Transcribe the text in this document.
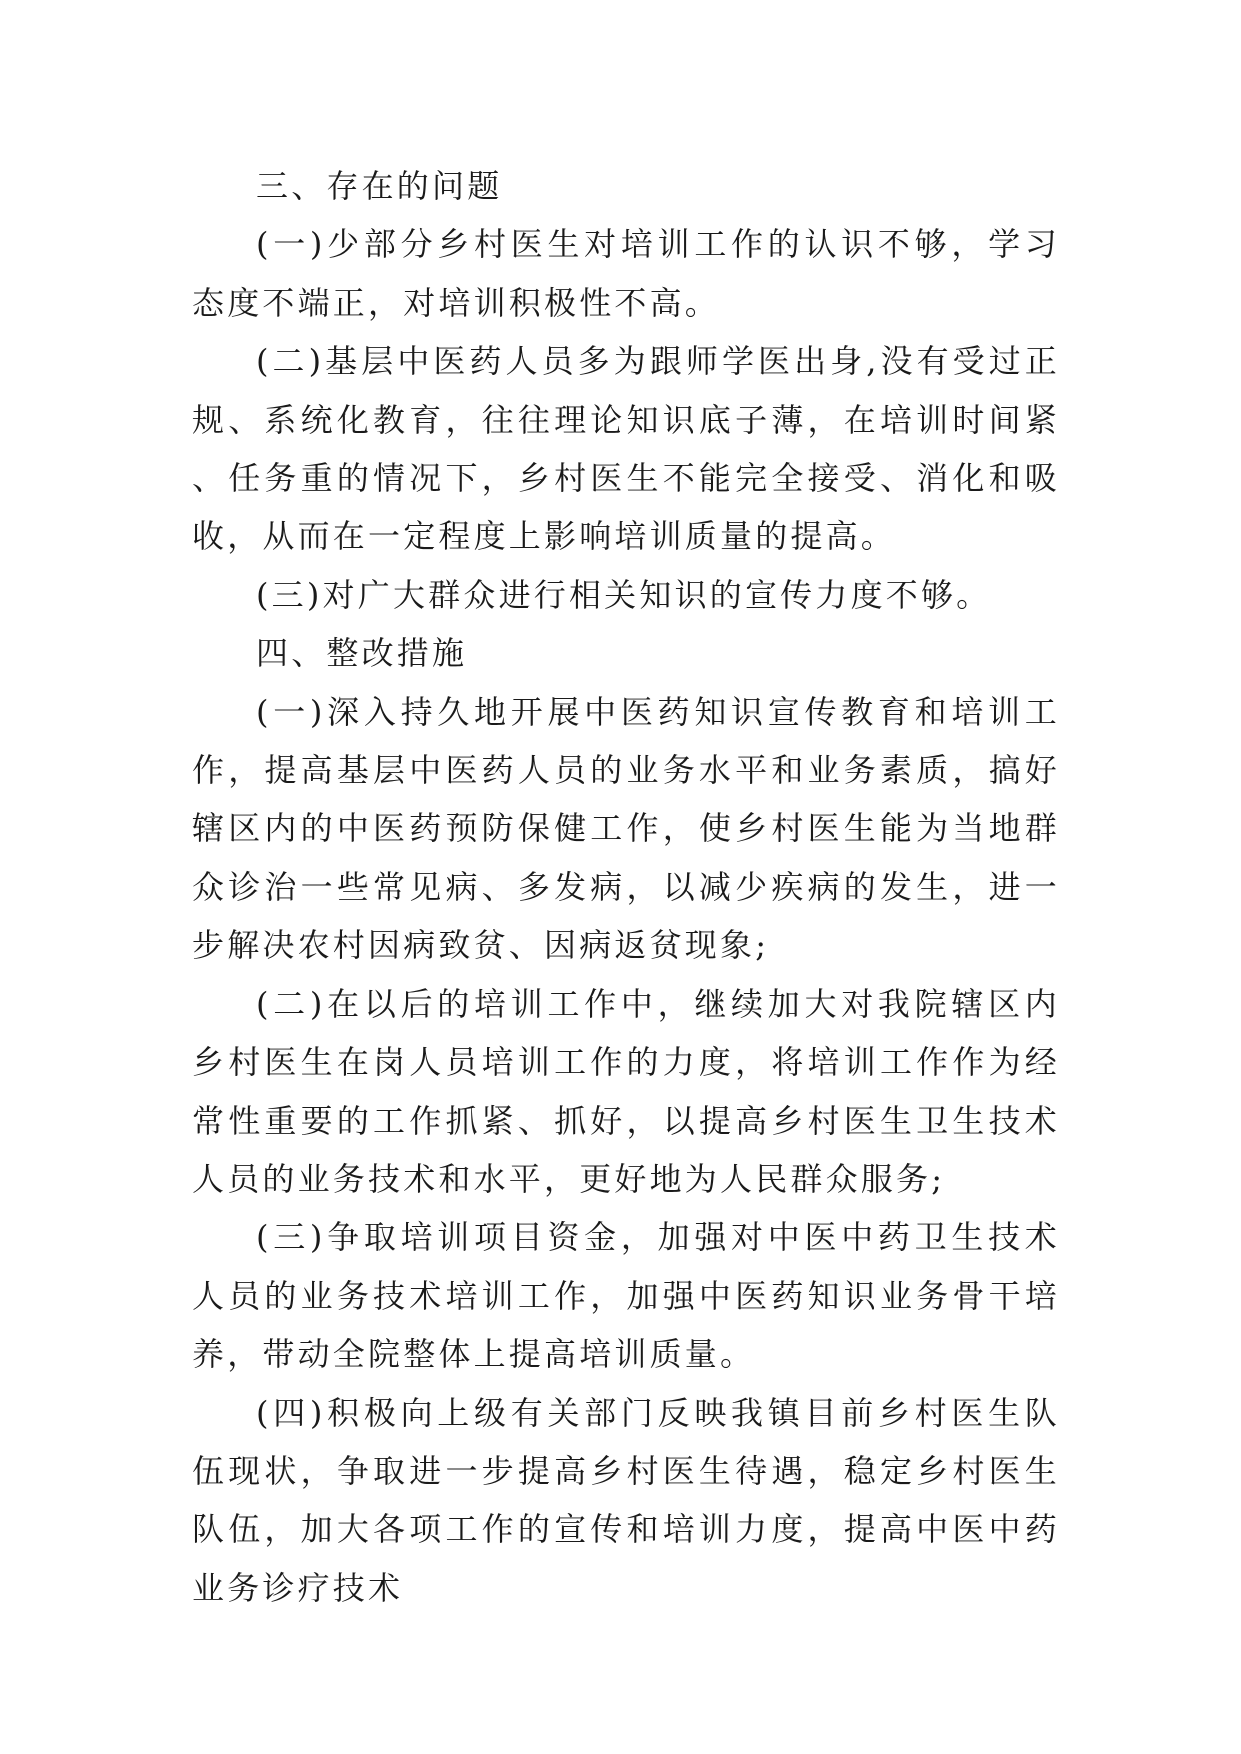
三、存在的问题

(一)少部分乡村医生对培训工作的认识不够，学习态度不端正，对培训积极性不高。

(二)基层中医药人员多为跟师学医出身,没有受过正规、系统化教育，往往理论知识底子薄，在培训时间紧、任务重的情况下，乡村医生不能完全接受、消化和吸收，从而在一定程度上影响培训质量的提高。

(三)对广大群众进行相关知识的宣传力度不够。

四、整改措施

(一)深入持久地开展中医药知识宣传教育和培训工作，提高基层中医药人员的业务水平和业务素质，搞好辖区内的中医药预防保健工作，使乡村医生能为当地群众诊治一些常见病、多发病，以减少疾病的发生，进一步解决农村因病致贫、因病返贫现象;

(二)在以后的培训工作中，继续加大对我院辖区内乡村医生在岗人员培训工作的力度，将培训工作作为经常性重要的工作抓紧、抓好，以提高乡村医生卫生技术人员的业务技术和水平，更好地为人民群众服务;

(三)争取培训项目资金，加强对中医中药卫生技术人员的业务技术培训工作，加强中医药知识业务骨干培养，带动全院整体上提高培训质量。

(四)积极向上级有关部门反映我镇目前乡村医生队伍现状，争取进一步提高乡村医生待遇，稳定乡村医生队伍，加大各项工作的宣传和培训力度，提高中医中药业务诊疗技术
